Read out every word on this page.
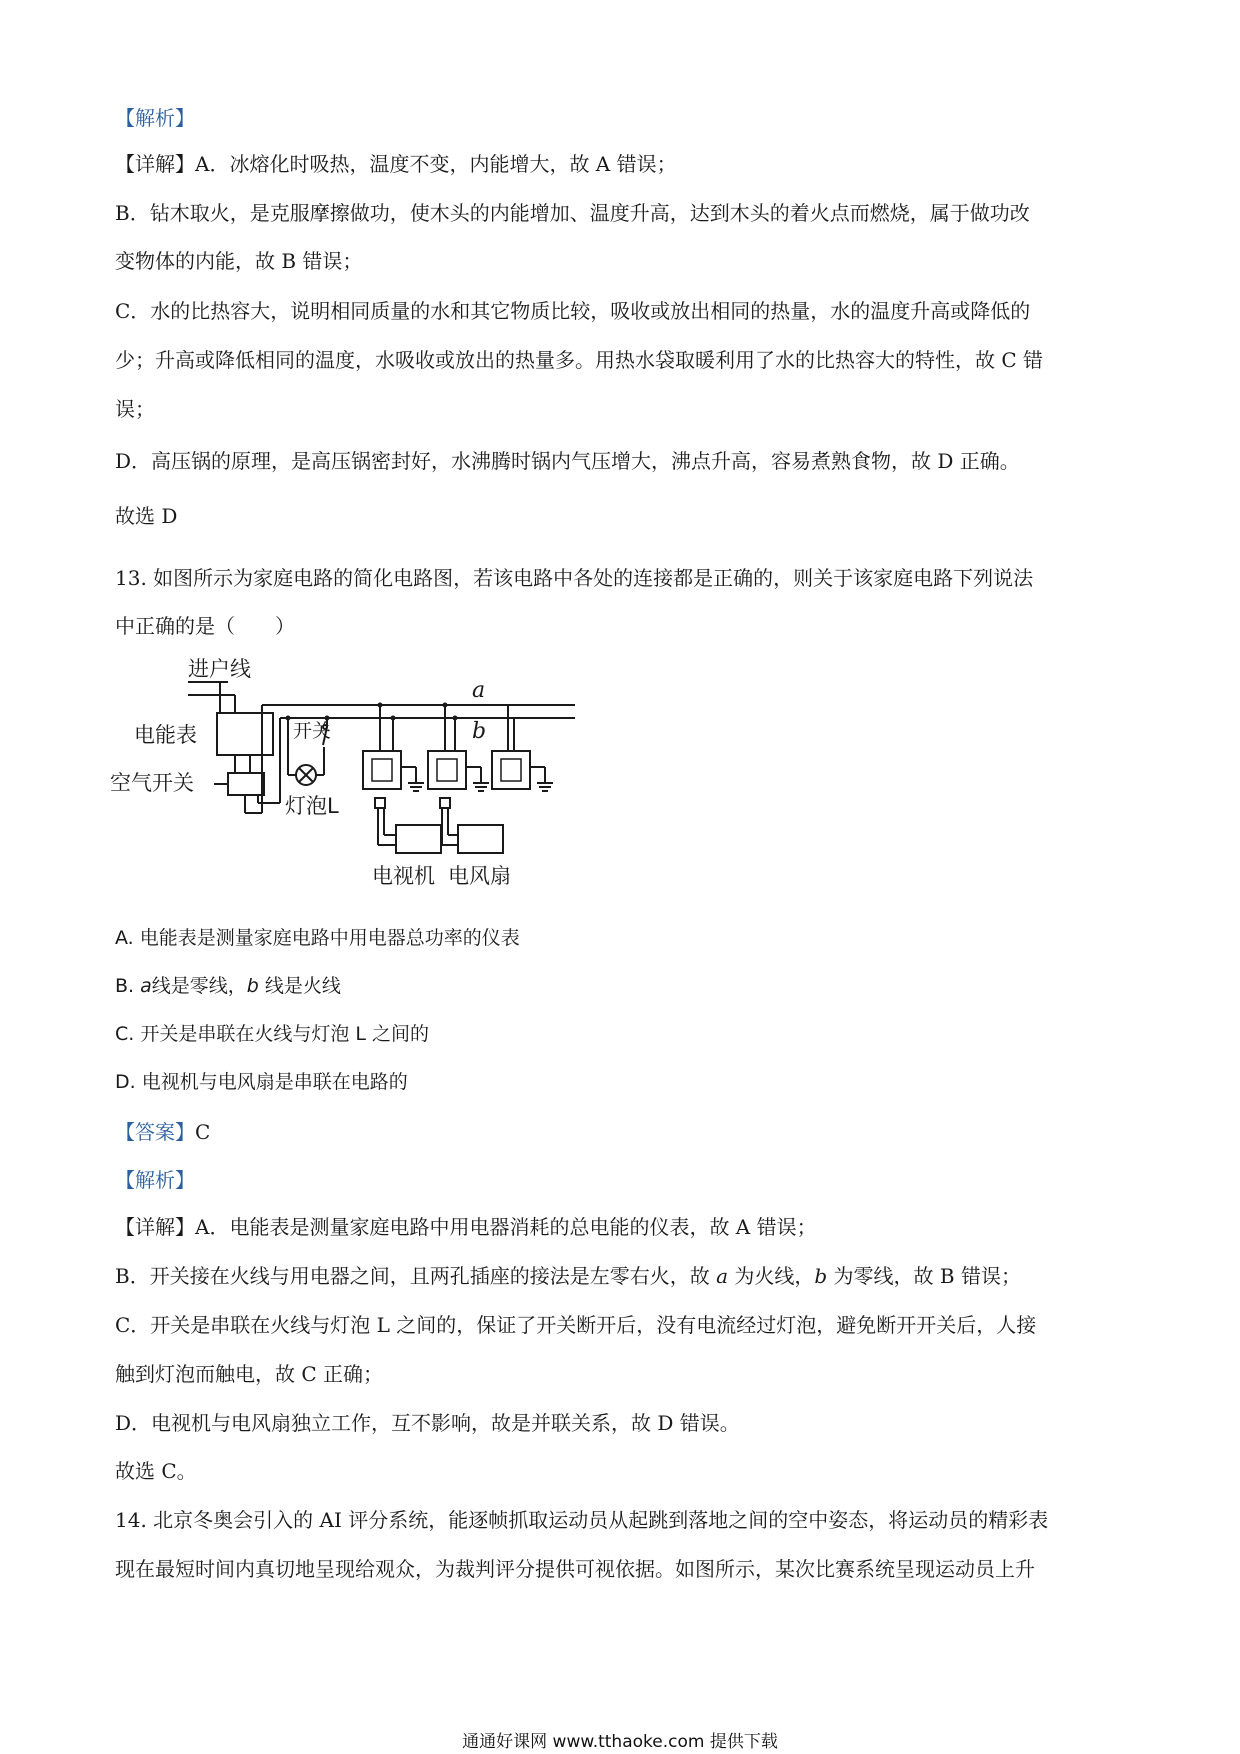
【解析】
【详解】A．冰熔化时吸热，温度不变，内能增大，故 A 错误；
B．钻木取火，是克服摩擦做功，使木头的内能增加、温度升高，达到木头的着火点而燃烧，属于做功改
变物体的内能，故 B 错误；
C．水的比热容大，说明相同质量的水和其它物质比较，吸收或放出相同的热量，水的温度升高或降低的
少；升高或降低相同的温度，水吸收或放出的热量多。用热水袋取暖利用了水的比热容大的特性，故 C 错
误；
D．高压锅的原理，是高压锅密封好，水沸腾时锅内气压增大，沸点升高，容易煮熟食物，故 D 正确。
故选 D
13. 如图所示为家庭电路的简化电路图，若该电路中各处的连接都是正确的，则关于该家庭电路下列说法
中正确的是（　　）
进户线
电能表
空气开关
开关
灯泡L
a
b
电视机 电风扇
A. 电能表是测量家庭电路中用电器总功率的仪表
B. a线是零线，b 线是火线
C. 开关是串联在火线与灯泡 L 之间的
D. 电视机与电风扇是串联在电路的
【答案】C
【解析】
【详解】A．电能表是测量家庭电路中用电器消耗的总电能的仪表，故 A 错误；
B．开关接在火线与用电器之间，且两孔插座的接法是左零右火，故 a 为火线，b 为零线，故 B 错误；
C．开关是串联在火线与灯泡 L 之间的，保证了开关断开后，没有电流经过灯泡，避免断开开关后，人接
触到灯泡而触电，故 C 正确；
D．电视机与电风扇独立工作，互不影响，故是并联关系，故 D 错误。
故选 C。
14. 北京冬奥会引入的 AI 评分系统，能逐帧抓取运动员从起跳到落地之间的空中姿态，将运动员的精彩表
现在最短时间内真切地呈现给观众，为裁判评分提供可视依据。如图所示，某次比赛系统呈现运动员上升
通通好课网 www.tthaoke.com 提供下载
